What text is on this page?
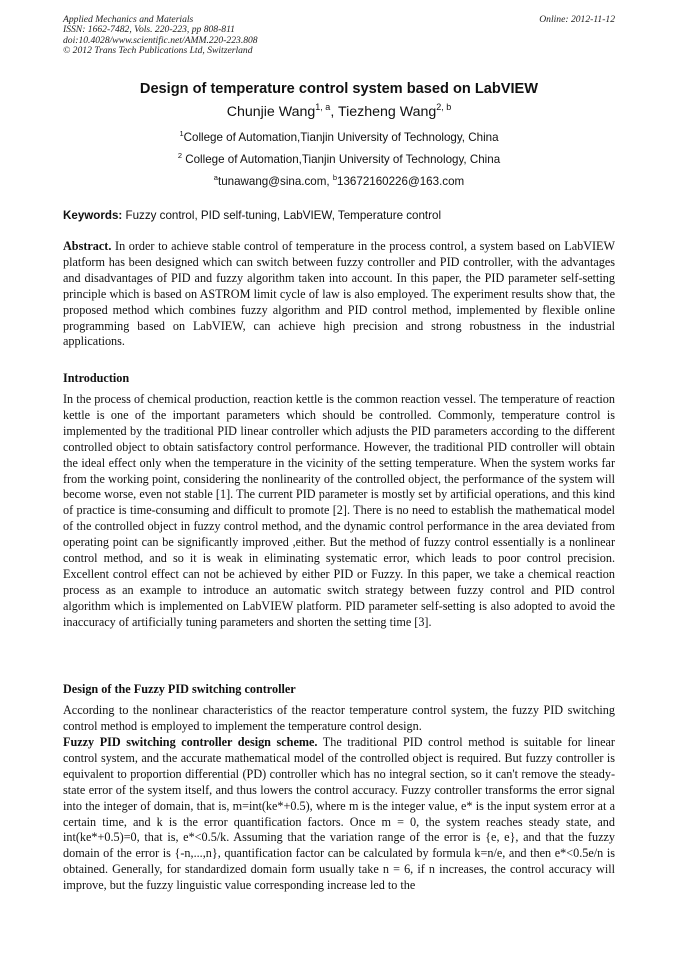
Applied Mechanics and Materials
ISSN: 1662-7482, Vols. 220-223, pp 808-811
doi:10.4028/www.scientific.net/AMM.220-223.808
© 2012 Trans Tech Publications Ltd, Switzerland
Online: 2012-11-12
Design of temperature control system based on LabVIEW
Chunjie Wang$^{1, a}$, Tiezheng Wang$^{2, b}$
$^1$College of Automation,Tianjin University of Technology, China
$^2$ College of Automation,Tianjin University of Technology, China
$^a$tunawang@sina.com, $^b$13672160226@163.com
Keywords: Fuzzy control, PID self-tuning, LabVIEW, Temperature control

Abstract. In order to achieve stable control of temperature in the process control, a system based on LabVIEW platform has been designed which can switch between fuzzy controller and PID controller, with the advantages and disadvantages of PID and fuzzy algorithm taken into account. In this paper, the PID parameter self-setting principle which is based on ASTROM limit cycle of law is also employed. The experiment results show that, the proposed method which combines fuzzy algorithm and PID control method, implemented by flexible online programming based on LabVIEW, can achieve high precision and strong robustness in the industrial applications.

Introduction

In the process of chemical production, reaction kettle is the common reaction vessel. The temperature of reaction kettle is one of the important parameters which should be controlled. Commonly, temperature control is implemented by the traditional PID linear controller which adjusts the PID parameters according to the different controlled object to obtain satisfactory control performance. However, the traditional PID controller will obtain the ideal effect only when the temperature in the vicinity of the setting temperature. When the system works far from the working point, considering the nonlinearity of the controlled object, the performance of the system will become worse, even not stable [1]. The current PID parameter is mostly set by artificial operations, and this kind of practice is time-consuming and difficult to promote [2]. There is no need to establish the mathematical model of the controlled object in fuzzy control method, and the dynamic control performance in the area deviated from operating point can be significantly improved ,either. But the method of fuzzy control essentially is a nonlinear control method, and so it is weak in eliminating systematic error, which leads to poor control precision. Excellent control effect can not be achieved by either PID or Fuzzy. In this paper, we take a chemical reaction process as an example to introduce an automatic switch strategy between fuzzy control and PID control algorithm which is implemented on LabVIEW platform. PID parameter self-setting is also adopted to avoid the inaccuracy of artificially tuning parameters and shorten the setting time [3].

Design of the Fuzzy PID switching controller

According to the nonlinear characteristics of the reactor temperature control system, the fuzzy PID switching control method is employed to implement the temperature control design.

Fuzzy PID switching controller design scheme. The traditional PID control method is suitable for linear control system, and the accurate mathematical model of the controlled object is required. But fuzzy controller is equivalent to proportion differential (PD) controller which has no integral section, so it can't remove the steady-state error of the system itself, and thus lowers the control accuracy. Fuzzy controller transforms the error signal into the integer of domain, that is, m=int(ke*+0.5), where m is the integer value, e* is the input system error at a certain time, and k is the error quantification factors. Once m = 0, the system reaches steady state, and int(ke*+0.5)=0, that is, e*<0.5/k. Assuming that the variation range of the error is {e, e}, and that the fuzzy domain of the error is {-n,...,n}, quantification factor can be calculated by formula k=n/e, and then e*<0.5e/n is obtained. Generally, for standardized domain form usually take n = 6, if n increases, the control accuracy will improve, but the fuzzy linguistic value corresponding increase led to the
